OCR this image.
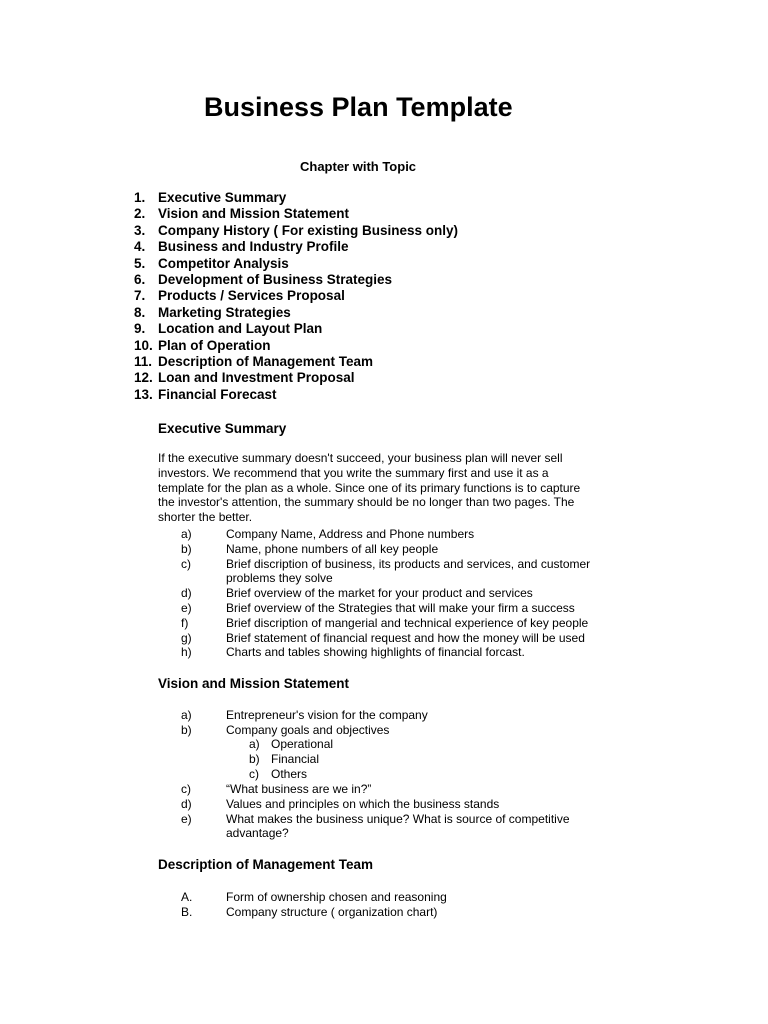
Business Plan Template
Chapter with Topic
1. Executive Summary
2. Vision and Mission Statement
3. Company History ( For existing Business only)
4. Business and Industry Profile
5. Competitor Analysis
6. Development of Business Strategies
7. Products / Services Proposal
8. Marketing Strategies
9. Location and Layout Plan
10. Plan of Operation
11. Description of Management Team
12. Loan and Investment Proposal
13. Financial Forecast
Executive Summary
If the executive summary doesn't succeed, your business plan will never sell investors. We recommend that you write the summary first and use it as a template for the plan as a whole. Since one of its primary functions is to capture the investor's attention, the summary should be no longer than two pages. The shorter the better.
a)	Company Name, Address and Phone numbers
b)	Name, phone numbers of all key people
c)	Brief discription of business, its products and services, and customer problems they solve
d)	Brief overview of the market for your product and services
e)	Brief overview of the Strategies that will make your firm a success
f)	Brief discription of mangerial and technical experience of key people
g)	Brief statement of financial request and how the money will be used
h)	Charts and tables showing highlights of financial forcast.
Vision and Mission Statement
a)	Entrepreneur's vision for the company
b)	Company goals and objectives
a) Operational
b) Financial
c) Others
c)	“What business are we in?”
d)	Values and principles on which the business stands
e)	What makes the business unique? What is source of competitive advantage?
Description of Management Team
A.	Form of ownership chosen and reasoning
B.	Company structure ( organization chart)
